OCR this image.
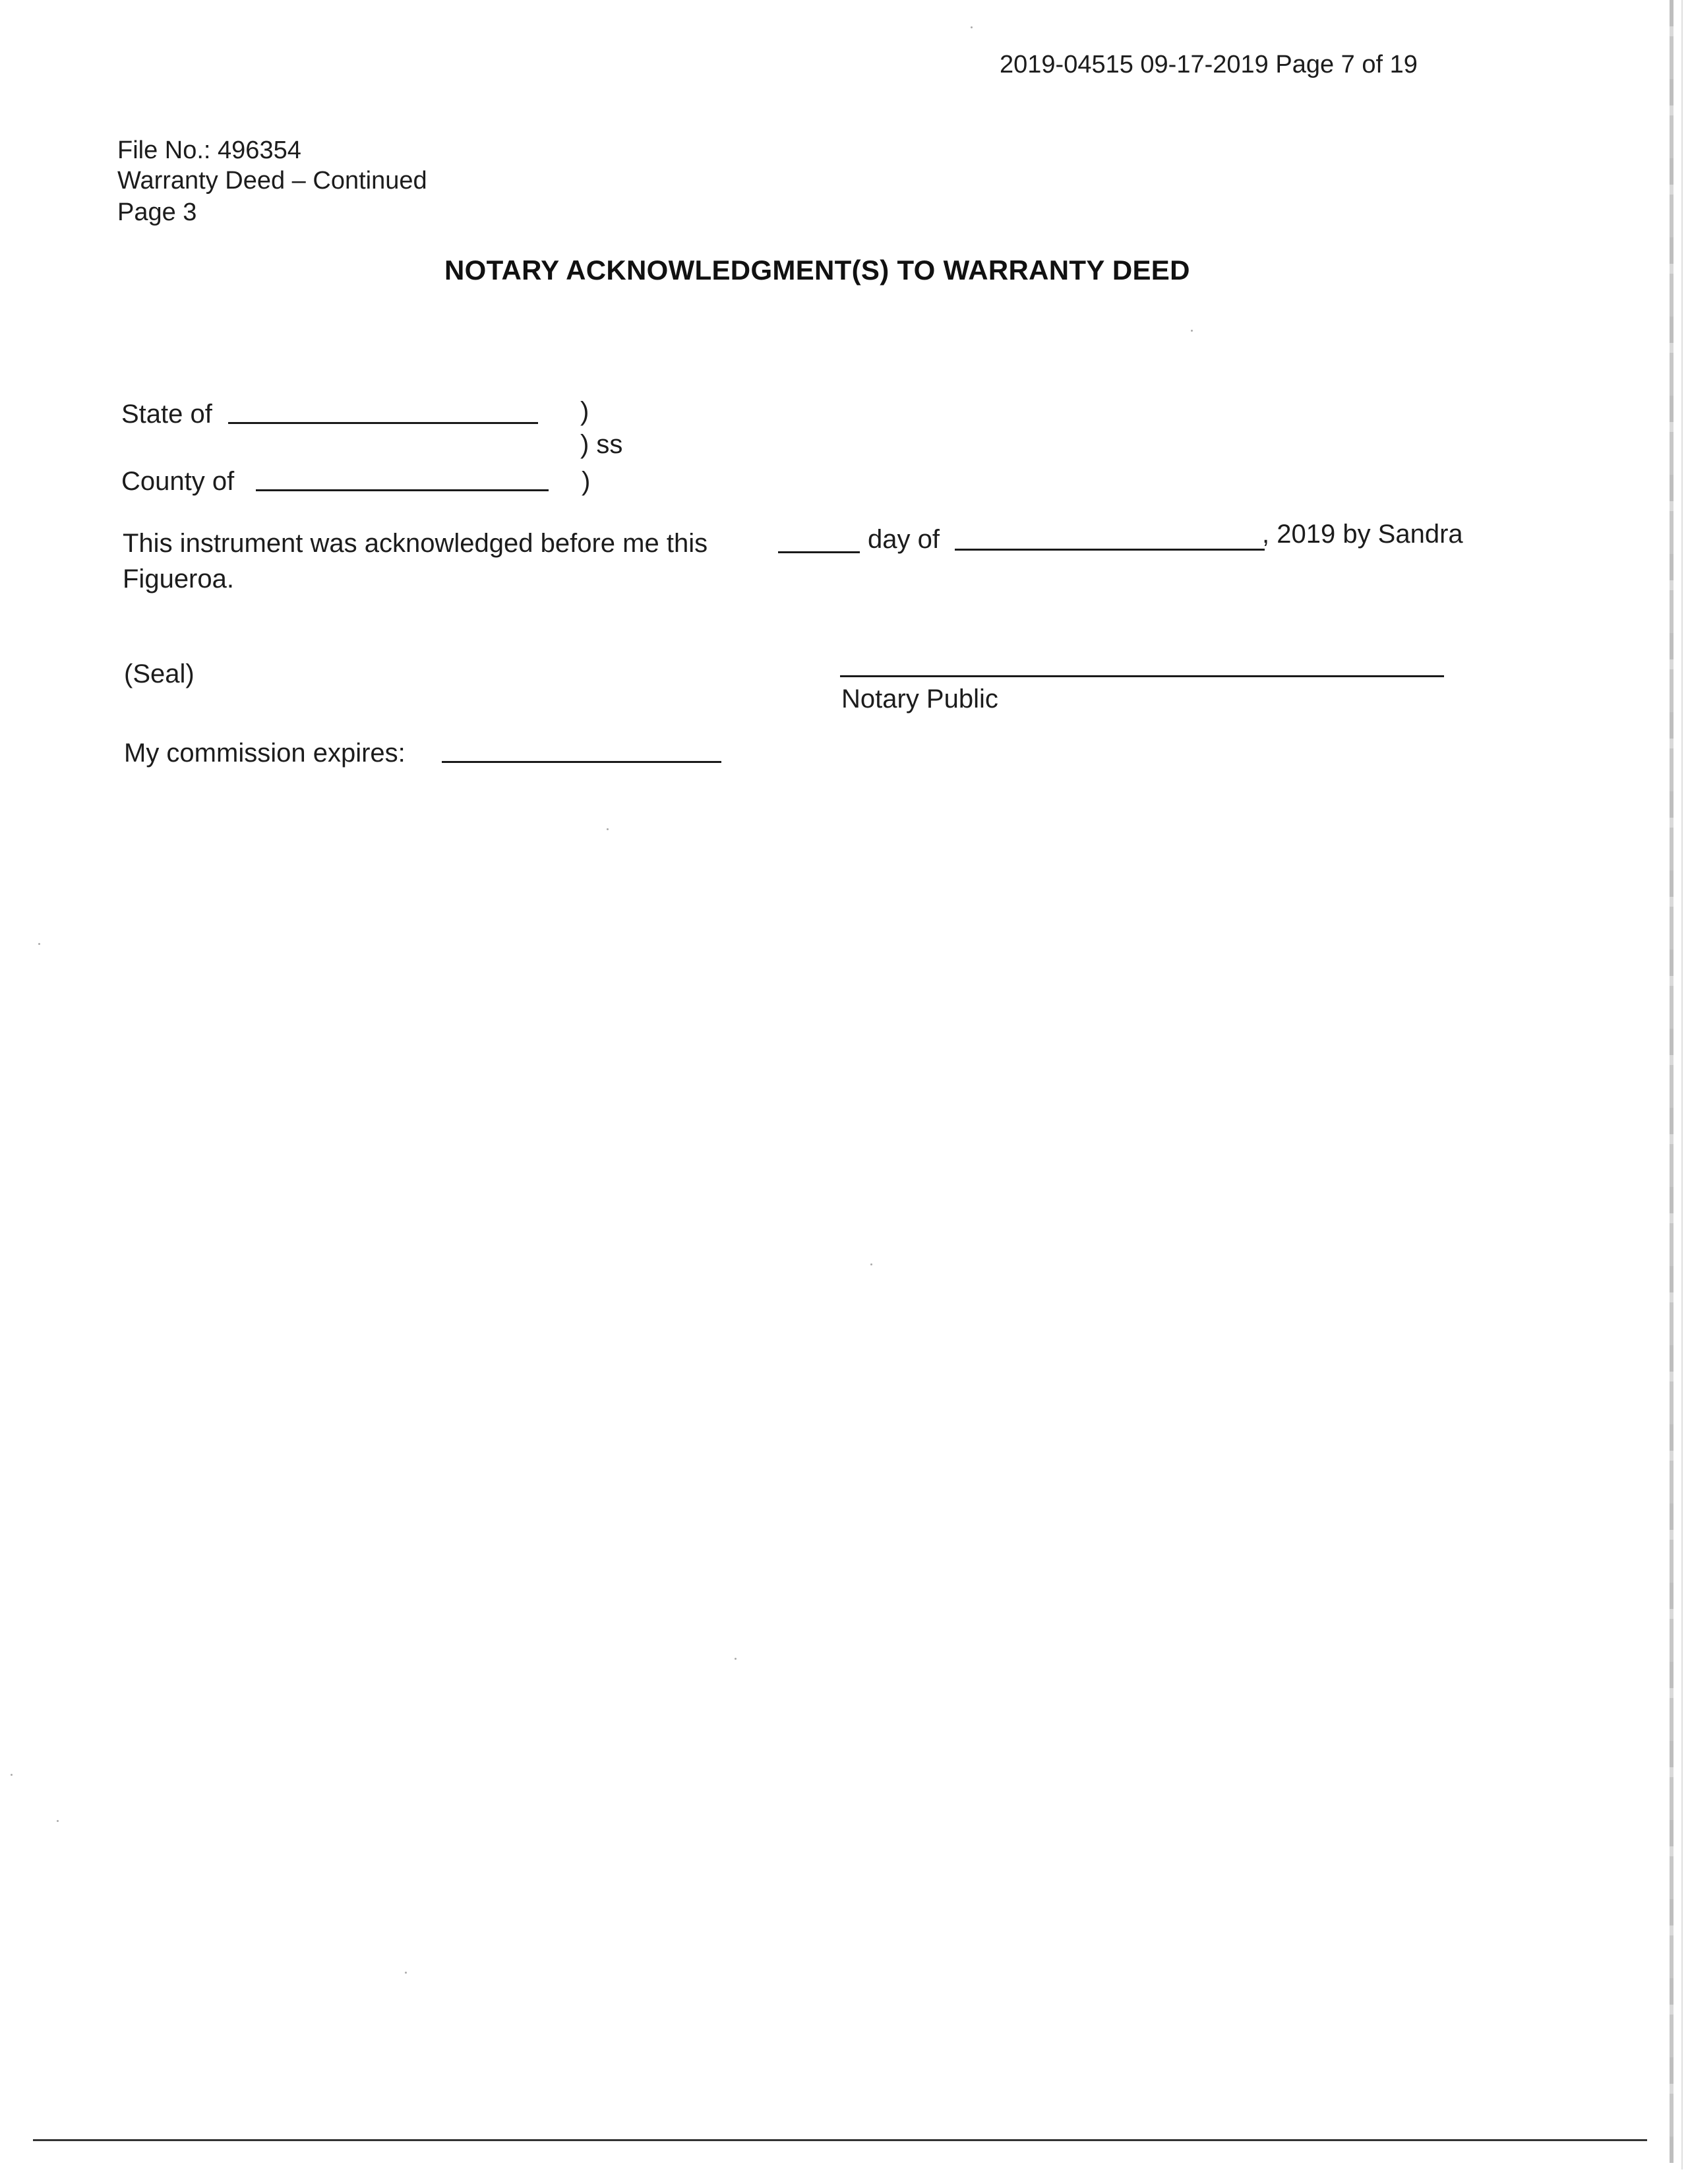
2019-04515 09-17-2019 Page 7 of 19
File No.: 496354
Warranty Deed – Continued
Page 3
NOTARY ACKNOWLEDGMENT(S) TO WARRANTY DEED
State of	)
) ss
County of	)
This instrument was acknowledged before me this	day of	, 2019 by Sandra
Figueroa.
(Seal)
Notary Public
My commission expires:
